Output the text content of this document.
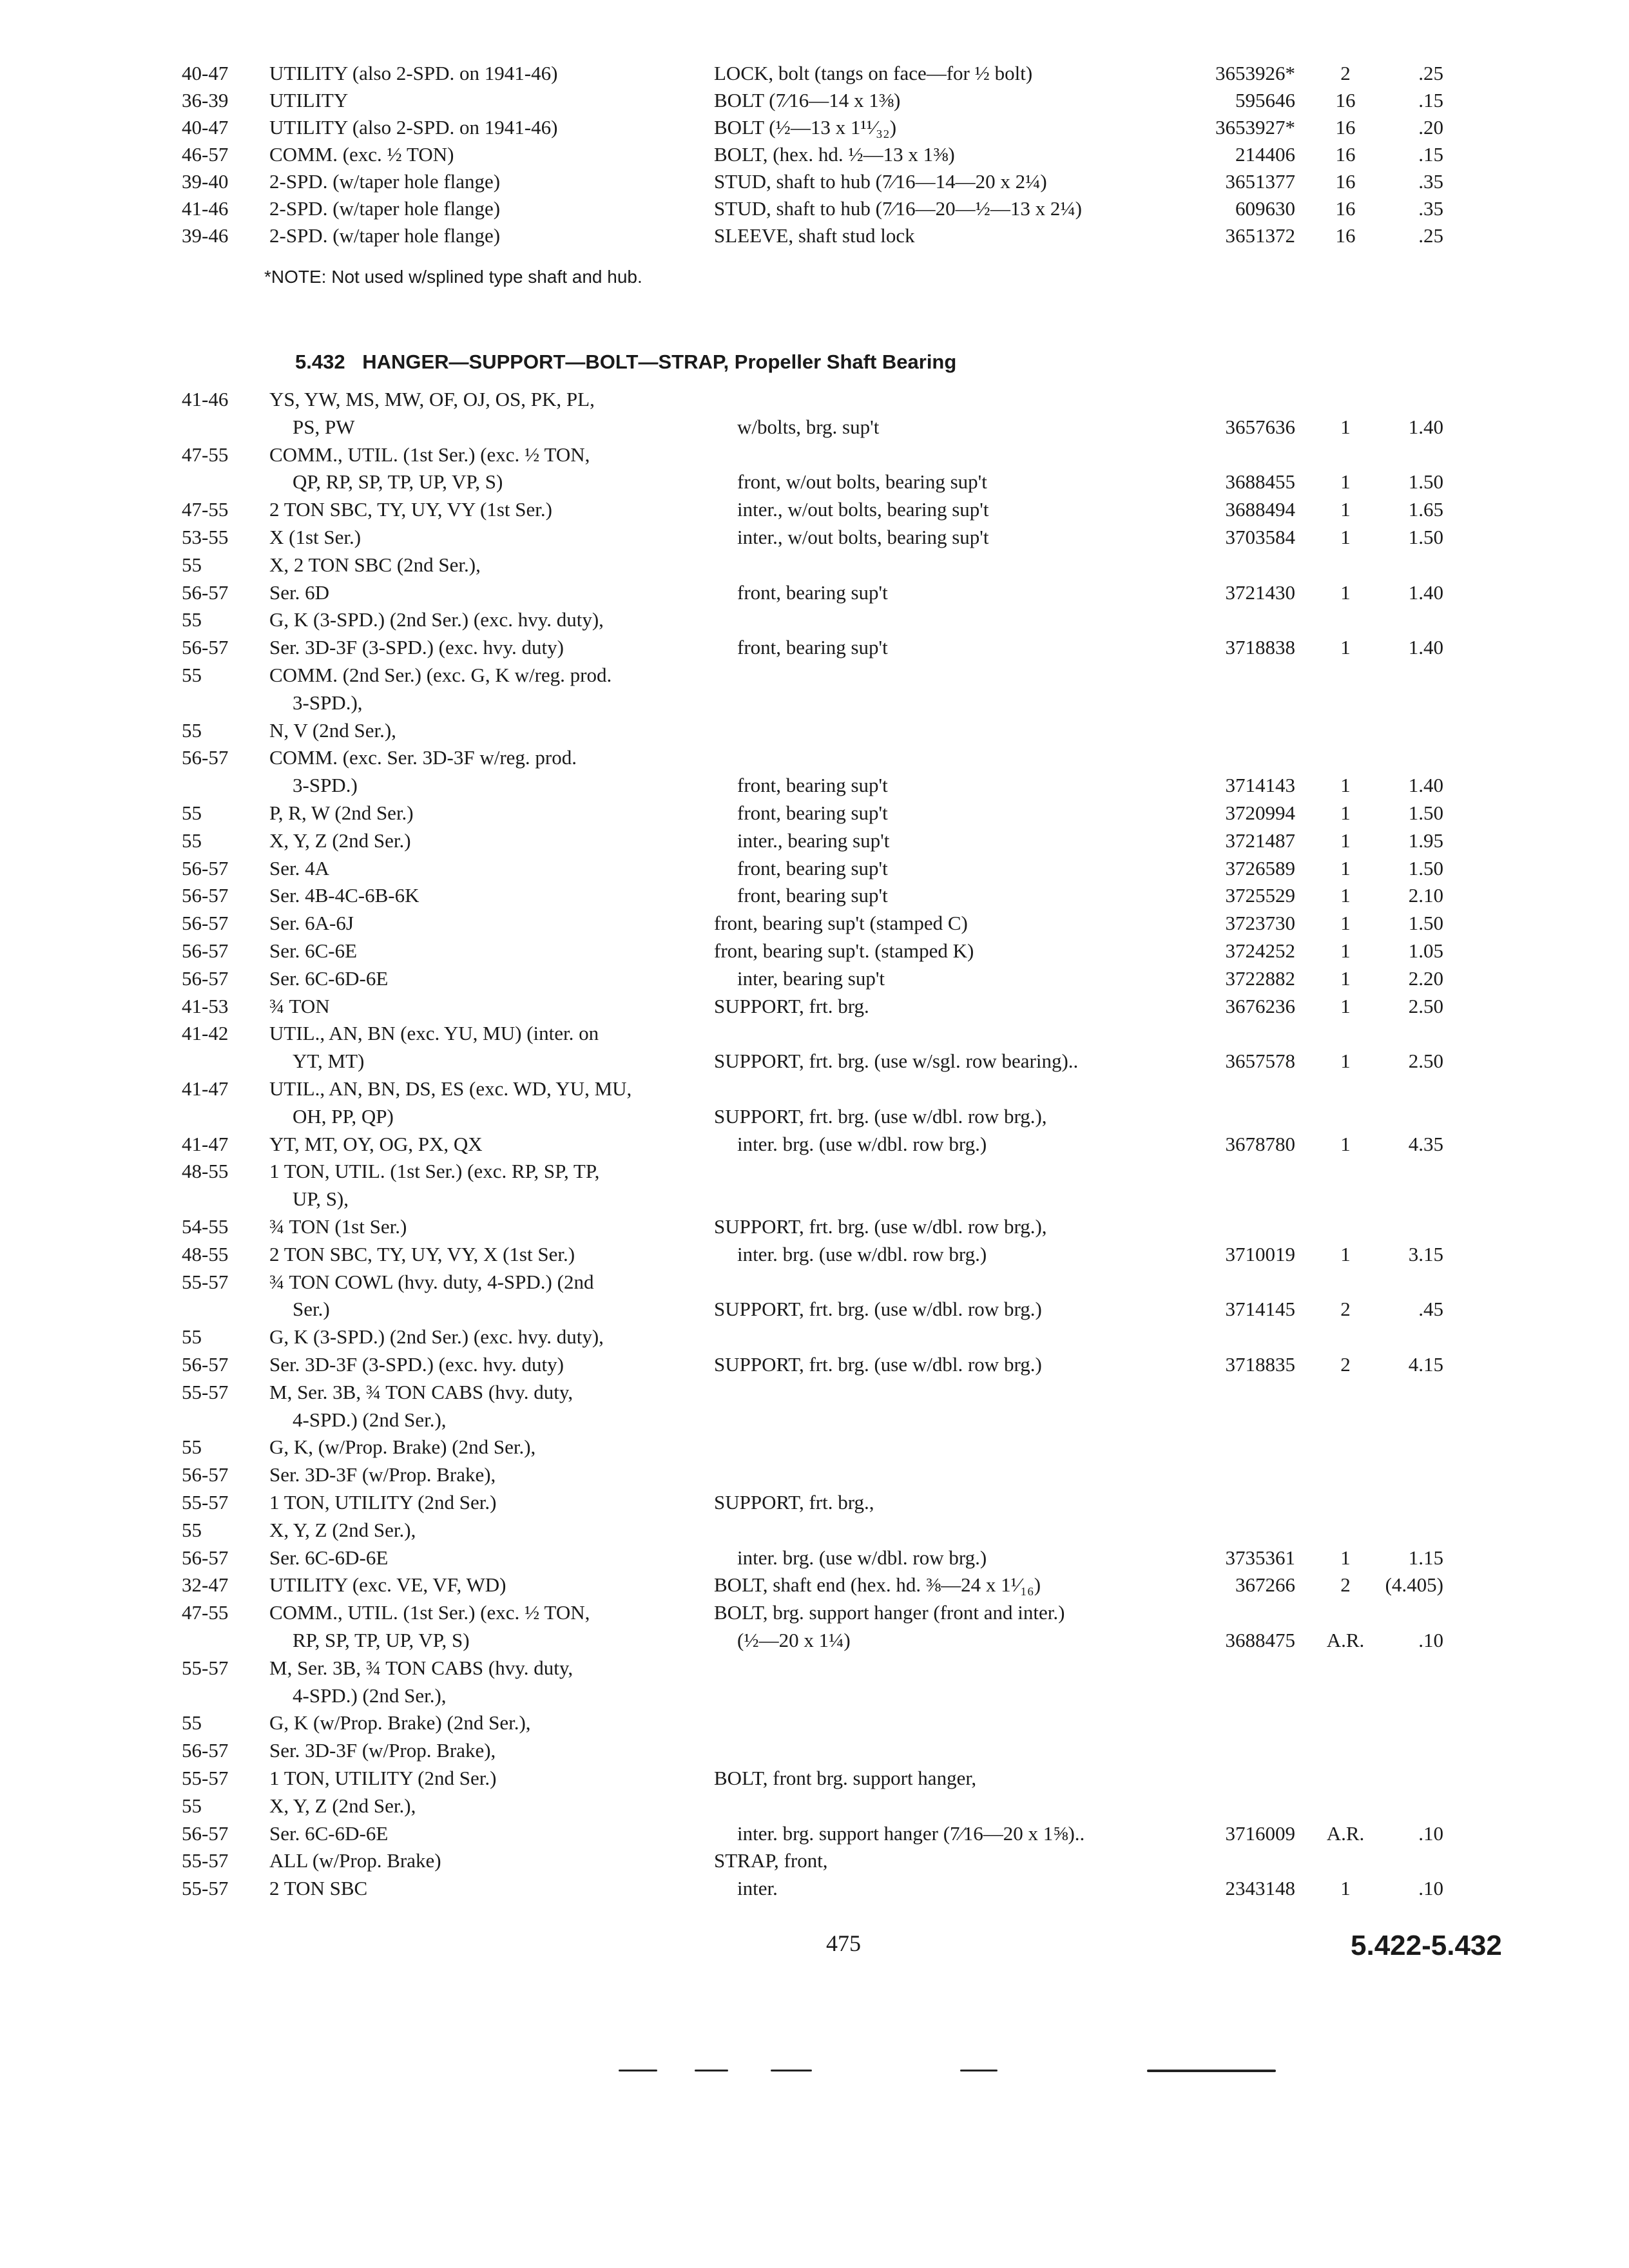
40-47	UTILITY (also 2-SPD. on 1941-46)	LOCK, bolt (tangs on face—for ½ bolt)	3653926*	2	.25
36-39	UTILITY	BOLT (7⁄16—14 x 1⅜)	595646	16	.15
40-47	UTILITY (also 2-SPD. on 1941-46)	BOLT (½—13 x 1¹¹⁄₃₂)	3653927*	16	.20
46-57	COMM. (exc. ½ TON)	BOLT, (hex. hd. ½—13 x 1⅜)	214406	16	.15
39-40	2-SPD. (w/taper hole flange)	STUD, shaft to hub (7⁄16—14—20 x 2¼)	3651377	16	.35
41-46	2-SPD. (w/taper hole flange)	STUD, shaft to hub (7⁄16—20—½—13 x 2¼)	609630	16	.35
39-46	2-SPD. (w/taper hole flange)	SLEEVE, shaft stud lock	3651372	16	.25
*NOTE: Not used w/splined type shaft and hub.
5.432 HANGER—SUPPORT—BOLT—STRAP, Propeller Shaft Bearing
41-46	YS, YW, MS, MW, OF, OJ, OS, PK, PL,
PS, PW	w/bolts, brg. sup't	3657636	1	1.40
47-55	COMM., UTIL. (1st Ser.) (exc. ½ TON,
QP, RP, SP, TP, UP, VP, S)	front, w/out bolts, bearing sup't	3688455	1	1.50
47-55	2 TON SBC, TY, UY, VY (1st Ser.)	inter., w/out bolts, bearing sup't	3688494	1	1.65
53-55	X (1st Ser.)	inter., w/out bolts, bearing sup't	3703584	1	1.50
55	X, 2 TON SBC (2nd Ser.),
56-57	Ser. 6D	front, bearing sup't	3721430	1	1.40
55	G, K (3-SPD.) (2nd Ser.) (exc. hvy. duty),
56-57	Ser. 3D-3F (3-SPD.) (exc. hvy. duty)	front, bearing sup't	3718838	1	1.40
55	COMM. (2nd Ser.) (exc. G, K w/reg. prod.
3-SPD.),
55	N, V (2nd Ser.),
56-57	COMM. (exc. Ser. 3D-3F w/reg. prod.
3-SPD.)	front, bearing sup't	3714143	1	1.40
55	P, R, W (2nd Ser.)	front, bearing sup't	3720994	1	1.50
55	X, Y, Z (2nd Ser.)	inter., bearing sup't	3721487	1	1.95
56-57	Ser. 4A	front, bearing sup't	3726589	1	1.50
56-57	Ser. 4B-4C-6B-6K	front, bearing sup't	3725529	1	2.10
56-57	Ser. 6A-6J	front, bearing sup't (stamped C)	3723730	1	1.50
56-57	Ser. 6C-6E	front, bearing sup't. (stamped K)	3724252	1	1.05
56-57	Ser. 6C-6D-6E	inter, bearing sup't	3722882	1	2.20
41-53	¾ TON	SUPPORT, frt. brg.	3676236	1	2.50
41-42	UTIL., AN, BN (exc. YU, MU) (inter. on
YT, MT)	SUPPORT, frt. brg. (use w/sgl. row bearing)..	3657578	1	2.50
41-47	UTIL., AN, BN, DS, ES (exc. WD, YU, MU,
OH, PP, QP)	SUPPORT, frt. brg. (use w/dbl. row brg.),
41-47	YT, MT, OY, OG, PX, QX	inter. brg. (use w/dbl. row brg.)	3678780	1	4.35
48-55	1 TON, UTIL. (1st Ser.) (exc. RP, SP, TP,
UP, S),
54-55	¾ TON (1st Ser.)	SUPPORT, frt. brg. (use w/dbl. row brg.),
48-55	2 TON SBC, TY, UY, VY, X (1st Ser.)	inter. brg. (use w/dbl. row brg.)	3710019	1	3.15
55-57	¾ TON COWL (hvy. duty, 4-SPD.) (2nd
Ser.)	SUPPORT, frt. brg. (use w/dbl. row brg.)	3714145	2	.45
55	G, K (3-SPD.) (2nd Ser.) (exc. hvy. duty),
56-57	Ser. 3D-3F (3-SPD.) (exc. hvy. duty)	SUPPORT, frt. brg. (use w/dbl. row brg.)	3718835	2	4.15
55-57	M, Ser. 3B, ¾ TON CABS (hvy. duty,
4-SPD.) (2nd Ser.),
55	G, K, (w/Prop. Brake) (2nd Ser.),
56-57	Ser. 3D-3F (w/Prop. Brake),
55-57	1 TON, UTILITY (2nd Ser.)	SUPPORT, frt. brg.,
55	X, Y, Z (2nd Ser.),
56-57	Ser. 6C-6D-6E	inter. brg. (use w/dbl. row brg.)	3735361	1	1.15
32-47	UTILITY (exc. VE, VF, WD)	BOLT, shaft end (hex. hd. ⅜—24 x 1¹⁄₁₆)	367266	2	(4.405)
47-55	COMM., UTIL. (1st Ser.) (exc. ½ TON,	BOLT, brg. support hanger (front and inter.)
RP, SP, TP, UP, VP, S)	(½—20 x 1¼)	3688475	A.R.	.10
55-57	M, Ser. 3B, ¾ TON CABS (hvy. duty,
4-SPD.) (2nd Ser.),
55	G, K (w/Prop. Brake) (2nd Ser.),
56-57	Ser. 3D-3F (w/Prop. Brake),
55-57	1 TON, UTILITY (2nd Ser.)	BOLT, front brg. support hanger,
55	X, Y, Z (2nd Ser.),
56-57	Ser. 6C-6D-6E	inter. brg. support hanger (7⁄16—20 x 1⅝)..	3716009	A.R.	.10
55-57	ALL (w/Prop. Brake)	STRAP, front,
55-57	2 TON SBC	inter.	2343148	1	.10
475	5.422-5.432
